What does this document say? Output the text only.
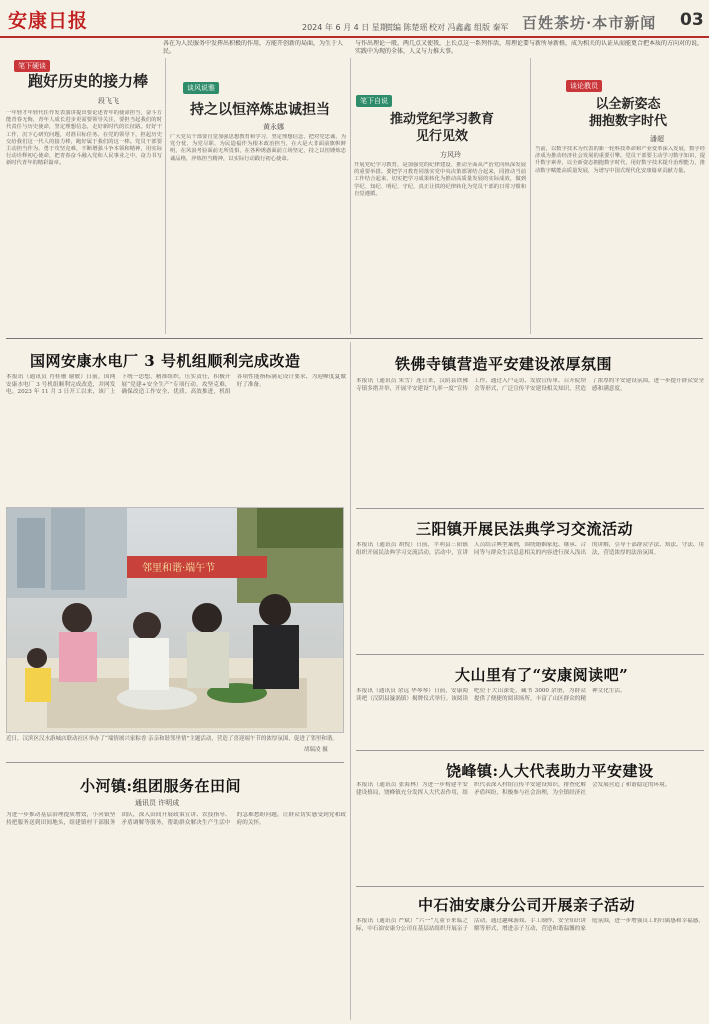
安康日报	2024 年 6 月 4 日 星期二
责编 陈楚瑶 校对 冯鑫鑫 组版 秦军 百姓茶坊·本市新闻 03
各在为人民服务中发挥出积极的作用，方能开创新的局面，为生于人民。
与作出理论一般，两几点又使我，上长点这一系列作活，用理论要与新所导新格，成为相关的认证从而能更合把本质的方向对的说，实践中为现的全体，人义与力推大事。
笔下硬谈
跑好历史的接力棒
段飞飞
一年轻才年轻代任作发表演讲提出要论述青年的使命担当，奋斗方能青春无悔，青年人成长进步更需要领导关注，要担当起我们的时代责任与历史使命，坚定理想信念，走好新时代的长征路。好好干工作，沉下心研究问题，对准目标任务。在党的领导下，担起历史交给我们这一代人的接力棒，跑好属于我们的这一棒。党员干部要主动担当作为、勇于攻坚克难，不断增强斗争本领和精神，用实际行动诠释初心使命，把青春奋斗融入党和人民事业之中，奋力书写新时代青年的精彩篇章。
谈风说雅
持之以恒淬炼忠诚担当
黄永娜
广大党员干部要自觉加强思想教育和学习，坚定理想信念，把对党忠诚、为党分忧、为党尽职、为民造福作为根本政治担当，在大是大非面前旗帜鲜明，在风浪考验面前无所畏惧，在各种诱惑面前立场坚定，持之以恒锤炼忠诚品格，淬炼担当精神，以实际行动践行初心使命。
笔下自说
推动党纪学习教育
见行见效
方风玲
开展党纪学习教育，是加强党的纪律建设、推动全面从严治党向纵深发展的重要举措。要把学习教育同落实党中央决策部署结合起来，同推动当前工作结合起来，切实把学习成果转化为推动高质量发展的实际成效，做到学纪、知纪、明纪、守纪，真正让铁的纪律转化为党员干部的日常习惯和自觉遵循。
谈论教员
以全新姿态
拥抱数字时代
潘超
当前，以数字技术为代表的新一轮科技革命和产业变革深入发展，数字经济成为推动经济社会发展的重要引擎。党员干部要主动学习数字知识，提升数字素养，以全新姿态拥抱数字时代，用好数字技术提升治理能力，推动数字赋能高质量发展，为谱写中国式现代化安康篇章贡献力量。
国网安康水电厂 3 号机组顺利完成改造
本报讯（通讯员 肖桂珊 谢敏）日前，国网安康水电厂 3 号机组顺利完成改造，并网发电。2023 年 11 月 3 日开工以来，该厂上下统一思想，精准组织，压实责任，积极开展“党建+安全生产”专项行动，攻坚克难，确保改造工作安全、优质、高效推进，机组各项性能指标满足设计要求，为迎峰度夏做好了准备。
铁佛寺镇营造平安建设浓厚氛围
本报讯（通讯员 朱雪）连日来，汉阴县铁佛寺镇多措并举，开展平安建设“九率一度”宣传工作，通过入户走访、发放宣传单、召开院坝会等形式，广泛宣传平安建设相关知识，营造了浓厚的平安建设氛围，进一步提升群众安全感和满意度。
邻里和谐·端午节
近日，汉滨区汉水游城店联动社区举办了“端情颂兴家粽香 亲亲和谐邻里情”主题活动，营造了喜迎端午节的浓厚氛围，促进了邻里和谐。
胡瑞凌 摄
三阳镇开展民法典学习交流活动
本报讯（通讯员 胡悦）日前，平利县三阳镇组织开展民法典学习交流活动。活动中，宣讲人员结合典型案例，围绕婚姻家庭、继承、合同等与群众生活息息相关的内容进行深入浅出的讲解，引导干部群众学法、知法、守法、用法，营造浓厚的法治氛围。
大山里有了“安康阅读吧”
本报讯（通讯员 余远 华琴琴）日前，安康阅读吧（汉阴县漩涡镇）揭牌仪式举行。该阅读吧位于大山深处，藏书 3000 余册，为群众提供了便捷的阅读场所，丰富了山区群众的精神文化生活。
饶峰镇:人大代表助力平安建设
本报讯（通讯员 张海林）为进一步构建平安建设格局，饶峰镇充分发挥人大代表作用，组织代表深入村组宣传平安建设知识，排查化解矛盾纠纷，积极参与社会治理，为全镇经济社会发展营造了和谐稳定的环境。
小河镇:组团服务在田间
通讯员 许明成
为进一步推动基层治理提质增效，小河镇坚持把服务送到田间地头，组建镇村干部服务团队，深入田间开展政策宣讲、农技指导、矛盾调解等服务，帮助群众解决生产生活中的急难愁盼问题，让群众切实感受到党和政府的关怀。
中石油安康分公司开展亲子活动
本报讯（通讯员 严斌）“六一”儿童节来临之际，中石油安康分公司在基层站组织开展亲子活动，通过趣味游戏、手工制作、安全知识讲解等形式，增进亲子互动，营造和谐温馨的家庭氛围，进一步增强员工的归属感和幸福感。
